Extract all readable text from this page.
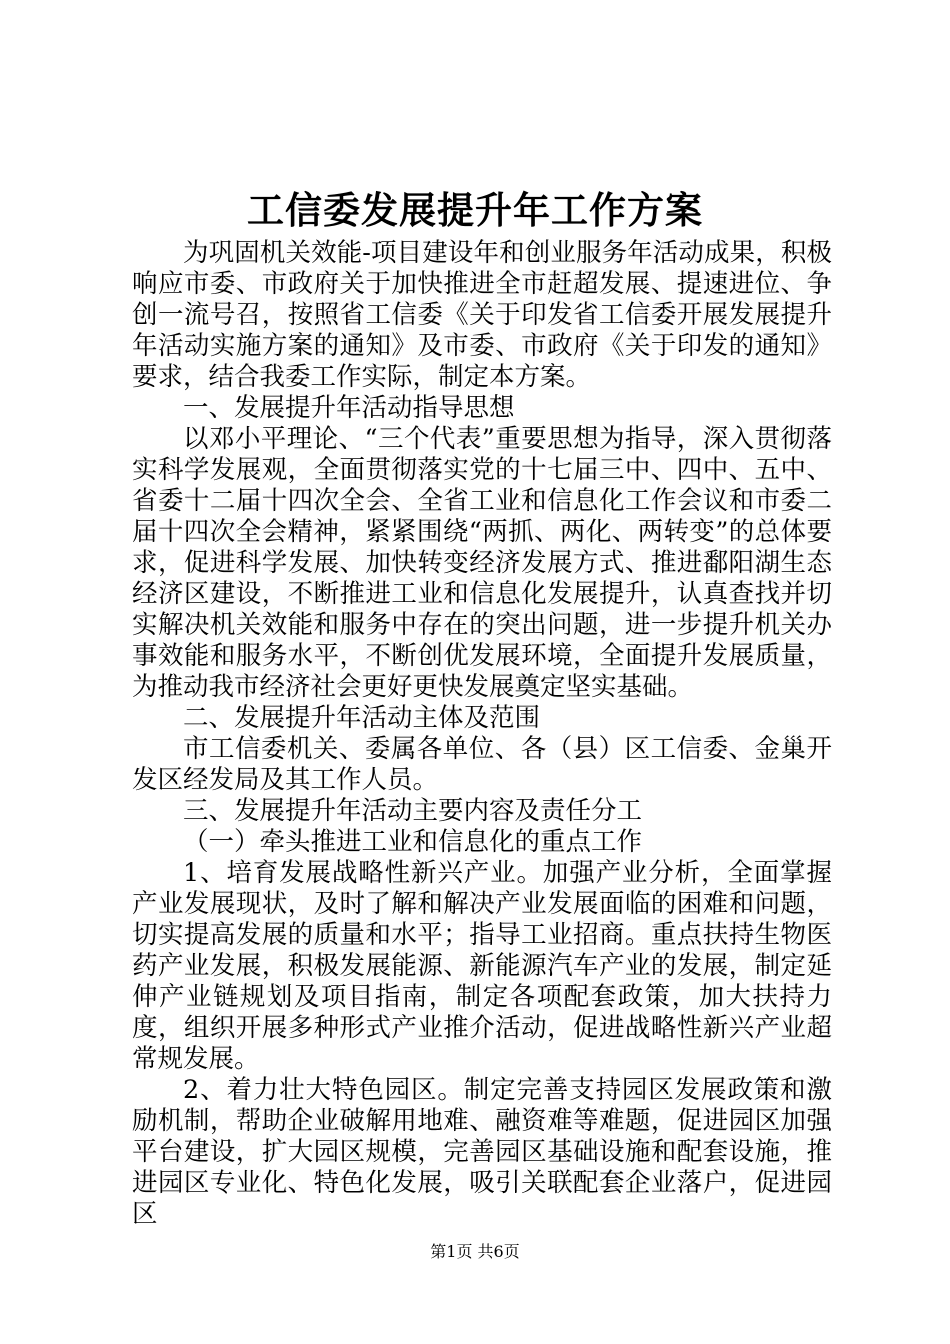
工信委发展提升年工作方案

为巩固机关效能-项目建设年和创业服务年活动成果，积极响应市委、市政府关于加快推进全市赶超发展、提速进位、争创一流号召，按照省工信委《关于印发省工信委开展发展提升年活动实施方案的通知》及市委、市政府《关于印发的通知》要求，结合我委工作实际，制定本方案。

一、发展提升年活动指导思想

以邓小平理论、“三个代表”重要思想为指导，深入贯彻落实科学发展观，全面贯彻落实党的十七届三中、四中、五中、省委十二届十四次全会、全省工业和信息化工作会议和市委二届十四次全会精神，紧紧围绕“两抓、两化、两转变”的总体要求，促进科学发展、加快转变经济发展方式、推进鄱阳湖生态经济区建设，不断推进工业和信息化发展提升，认真查找并切实解决机关效能和服务中存在的突出问题，进一步提升机关办事效能和服务水平，不断创优发展环境，全面提升发展质量，为推动我市经济社会更好更快发展奠定坚实基础。

二、发展提升年活动主体及范围

市工信委机关、委属各单位、各（县）区工信委、金巢开发区经发局及其工作人员。

三、发展提升年活动主要内容及责任分工

（一）牵头推进工业和信息化的重点工作

1、培育发展战略性新兴产业。加强产业分析，全面掌握产业发展现状，及时了解和解决产业发展面临的困难和问题，切实提高发展的质量和水平；指导工业招商。重点扶持生物医药产业发展，积极发展能源、新能源汽车产业的发展，制定延伸产业链规划及项目指南，制定各项配套政策，加大扶持力度，组织开展多种形式产业推介活动，促进战略性新兴产业超常规发展。

2、着力壮大特色园区。制定完善支持园区发展政策和激励机制，帮助企业破解用地难、融资难等难题，促进园区加强平台建设，扩大园区规模，完善园区基础设施和配套设施，推进园区专业化、特色化发展，吸引关联配套企业落户，促进园区

第1页 共6页
